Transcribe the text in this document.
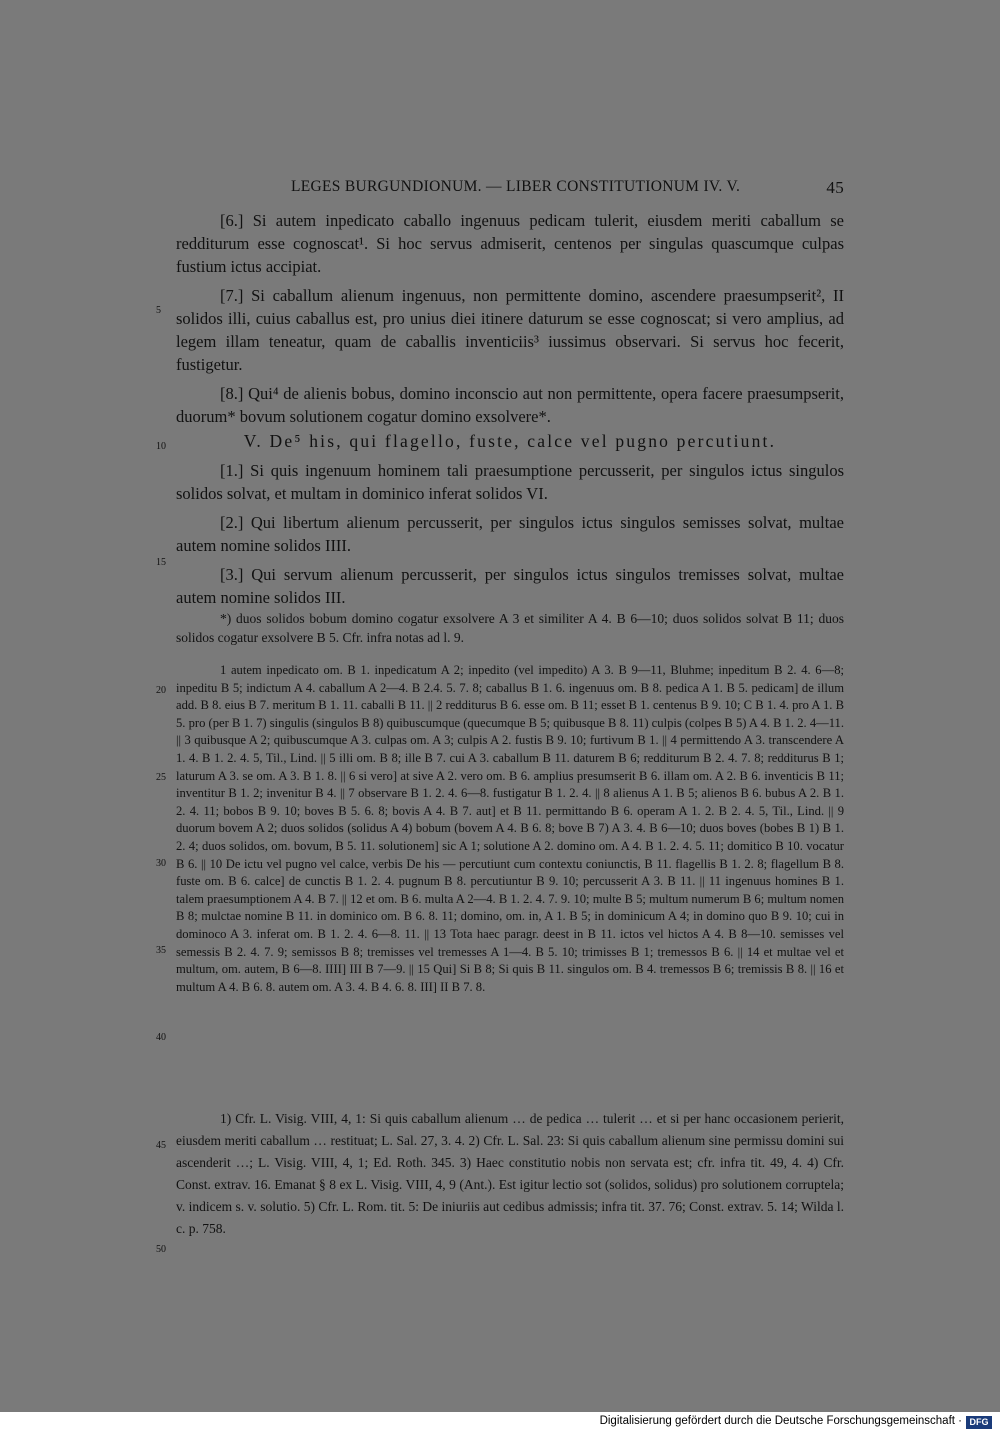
LEGES BURGUNDIONUM. — LIBER CONSTITUTIONUM IV. V.	45

[6.] Si autem inpedicato caballo ingenuus pedicam tulerit, eiusdem meriti caballum se redditurum esse cognoscat¹. Si hoc servus admiserit, centenos per singulas quascumque culpas fustium ictus accipiat.

[7.] Si caballum alienum ingenuus, non permittente domino, ascendere praesumpserit², II solidos illi, cuius caballus est, pro unius diei itinere daturum se esse cognoscat; si vero amplius, ad legem illam teneatur, quam de caballis inventiciis³ iussimus observari. Si servus hoc fecerit, fustigetur.

[8.] Qui⁴ de alienis bobus, domino inconscio aut non permittente, opera facere praesumpserit, duorum* bovum solutionem cogatur domino exsolvere*.

V. De⁵ his, qui flagello, fuste, calce vel pugno percutiunt.

[1.] Si quis ingenuum hominem tali praesumptione percusserit, per singulos ictus singulos solidos solvat, et multam in dominico inferat solidos VI.

[2.] Qui libertum alienum percusserit, per singulos ictus singulos semisses solvat, multae autem nomine solidos IIII.

[3.] Qui servum alienum percusserit, per singulos ictus singulos tremisses solvat, multae autem nomine solidos III.

5
10
15
20
25
30
35
40
45
50

*) duos solidos bobum domino cogatur exsolvere A 3 et similiter A 4. B 6—10; duos solidos solvat B 11; duos solidos cogatur exsolvere B 5. Cfr. infra notas ad l. 9.

1 autem inpedicato om. B 1. inpedicatum A 2; inpedito (vel impedito) A 3. B 9—11, Bluhme; inpeditum B 2. 4. 6—8; inpeditu B 5; indictum A 4. caballum A 2—4. B 2.4. 5. 7. 8; caballus B 1. 6. ingenuus om. B 8. pedica A 1. B 5. pedicam] de illum add. B 8. eius B 7. meritum B 1. 11. caballi B 11. || 2 redditurus B 6. esse om. B 11; esset B 1. centenus B 9. 10; C B 1. 4. pro A 1. B 5. pro (per B 1. 7) singulis (singulos B 8) quibuscumque (quecumque B 5; quibusque B 8. 11) culpis (colpes B 5) A 4. B 1. 2. 4—11. || 3 quibusque A 2; quibuscumque A 3. culpas om. A 3; culpis A 2. fustis B 9. 10; furtivum B 1. || 4 permittendo A 3. transcendere A 1. 4. B 1. 2. 4. 5, Til., Lind. || 5 illi om. B 8; ille B 7. cui A 3. caballum B 11. daturem B 6; redditurum B 2. 4. 7. 8; redditurus B 1; laturum A 3. se om. A 3. B 1. 8. || 6 si vero] at sive A 2. vero om. B 6. amplius presumserit B 6. illam om. A 2. B 6. inventicis B 11; inventitur B 1. 2; invenitur B 4. || 7 observare B 1. 2. 4. 6—8. fustigatur B 1. 2. 4. || 8 alienus A 1. B 5; alienos B 6. bubus A 2. B 1. 2. 4. 11; bobos B 9. 10; boves B 5. 6. 8; bovis A 4. B 7. aut] et B 11. permittando B 6. operam A 1. 2. B 2. 4. 5, Til., Lind. || 9 duorum bovem A 2; duos solidos (solidus A 4) bobum (bovem A 4. B 6. 8; bove B 7) A 3. 4. B 6—10; duos boves (bobes B 1) B 1. 2. 4; duos solidos, om. bovum, B 5. 11. solutionem] sic A 1; solutione A 2. domino om. A 4. B 1. 2. 4. 5. 11; domitico B 10. vocatur B 6. || 10 De ictu vel pugno vel calce, verbis De his — percutiunt cum contextu coniunctis, B 11. flagellis B 1. 2. 8; flagellum B 8. fuste om. B 6. calce] de cunctis B 1. 2. 4. pugnum B 8. percutiuntur B 9. 10; percusserit A 3. B 11. || 11 ingenuus homines B 1. talem praesumptionem A 4. B 7. || 12 et om. B 6. multa A 2—4. B 1. 2. 4. 7. 9. 10; multe B 5; multum numerum B 6; multum nomen B 8; mulctae nomine B 11. in dominico om. B 6. 8. 11; domino, om. in, A 1. B 5; in dominicum A 4; in domino quo B 9. 10; cui in dominoco A 3. inferat om. B 1. 2. 4. 6—8. 11. || 13 Tota haec paragr. deest in B 11. ictos vel hictos A 4. B 8—10. semisses vel semessis B 2. 4. 7. 9; semissos B 8; tremisses vel tremesses A 1—4. B 5. 10; trimisses B 1; tremessos B 6. || 14 et multae vel et multum, om. autem, B 6—8. IIII] III B 7—9. || 15 Qui] Si B 8; Si quis B 11. singulos om. B 4. tremessos B 6; tremissis B 8. || 16 et multum A 4. B 6. 8. autem om. A 3. 4. B 4. 6. 8. III] II B 7. 8.

1) Cfr. L. Visig. VIII, 4, 1: Si quis caballum alienum … de pedica … tulerit … et si per hanc occasionem perierit, eiusdem meriti caballum … restituat; L. Sal. 27, 3. 4. 2) Cfr. L. Sal. 23: Si quis caballum alienum sine permissu domini sui ascenderit …; L. Visig. VIII, 4, 1; Ed. Roth. 345. 3) Haec constitutio nobis non servata est; cfr. infra tit. 49, 4. 4) Cfr. Const. extrav. 16. Emanat § 8 ex L. Visig. VIII, 4, 9 (Ant.). Est igitur lectio sot (solidos, solidus) pro solutionem corruptela; v. indicem s. v. solutio. 5) Cfr. L. Rom. tit. 5: De iniuriis aut cedibus admissis; infra tit. 37. 76; Const. extrav. 5. 14; Wilda l. c. p. 758.

Digitalisierung gefördert durch die Deutsche Forschungsgemeinschaft · DFG
